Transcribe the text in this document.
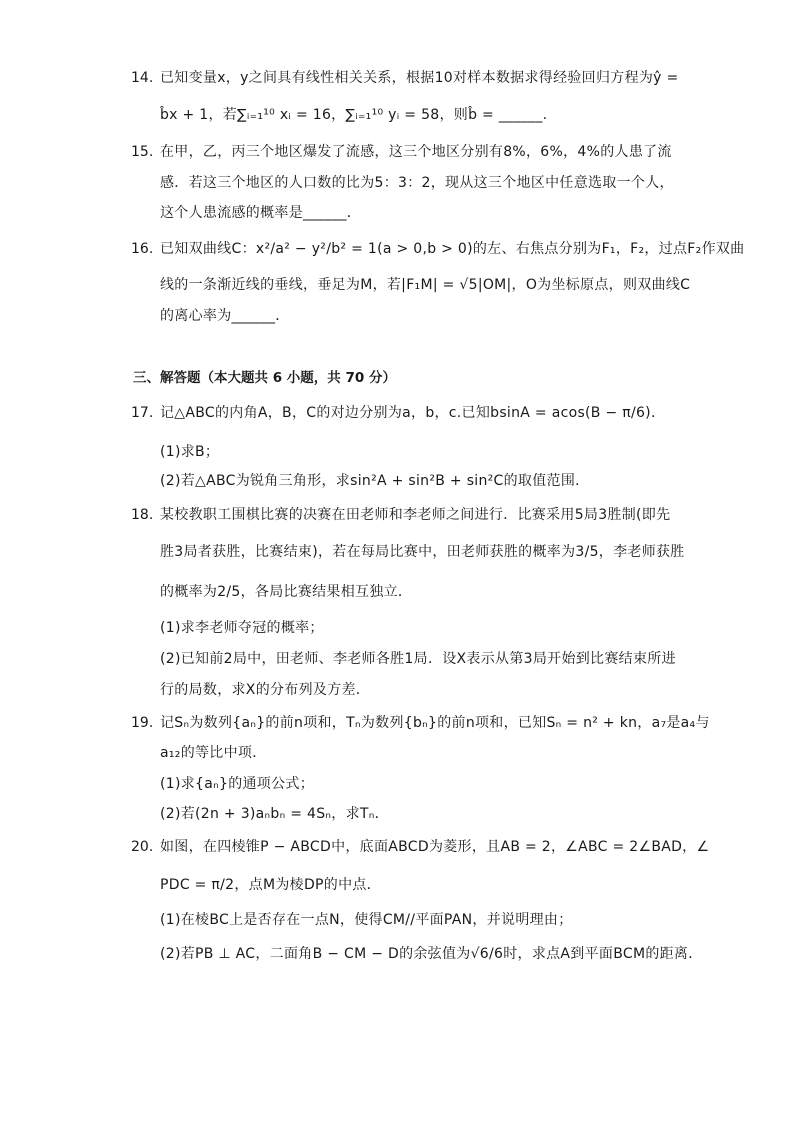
14. 已知变量x，y之间具有线性相关关系，根据10对样本数据求得经验回归方程为ŷ =
b̂x + 1，若∑ᵢ₌₁¹⁰ xᵢ = 16，∑ᵢ₌₁¹⁰ yᵢ = 58，则b̂ = ______.
15. 在甲，乙，丙三个地区爆发了流感，这三个地区分别有8%，6%，4%的人患了流
感．若这三个地区的人口数的比为5：3：2，现从这三个地区中任意选取一个人，
这个人患流感的概率是______．
16. 已知双曲线C：x²/a² − y²/b² = 1(a > 0,b > 0)的左、右焦点分别为F₁，F₂，过点F₂作双曲
线的一条渐近线的垂线，垂足为M，若|F₁M| = √5|OM|，O为坐标原点，则双曲线C
的离心率为______．
三、解答题（本大题共 6 小题，共 70 分）
17. 记△ABC的内角A，B，C的对边分别为a，b，c.已知bsinA = acos(B − π/6)．
(1)求B；
(2)若△ABC为锐角三角形，求sin²A + sin²B + sin²C的取值范围．
18. 某校教职工围棋比赛的决赛在田老师和李老师之间进行．比赛采用5局3胜制(即先
胜3局者获胜，比赛结束)，若在每局比赛中，田老师获胜的概率为3/5，李老师获胜
的概率为2/5，各局比赛结果相互独立．
(1)求李老师夺冠的概率；
(2)已知前2局中，田老师、李老师各胜1局．设X表示从第3局开始到比赛结束所进
行的局数，求X的分布列及方差．
19. 记Sₙ为数列{aₙ}的前n项和，Tₙ为数列{bₙ}的前n项和，已知Sₙ = n² + kn，a₇是a₄与
a₁₂的等比中项．
(1)求{aₙ}的通项公式；
(2)若(2n + 3)aₙbₙ = 4Sₙ，求Tₙ．
20. 如图，在四棱锥P − ABCD中，底面ABCD为菱形，且AB = 2，∠ABC = 2∠BAD，∠
PDC = π/2，点M为棱DP的中点．
(1)在棱BC上是否存在一点N，使得CM//平面PAN，并说明理由；
(2)若PB ⊥ AC，二面角B − CM − D的余弦值为√6/6时，求点A到平面BCM的距离．
